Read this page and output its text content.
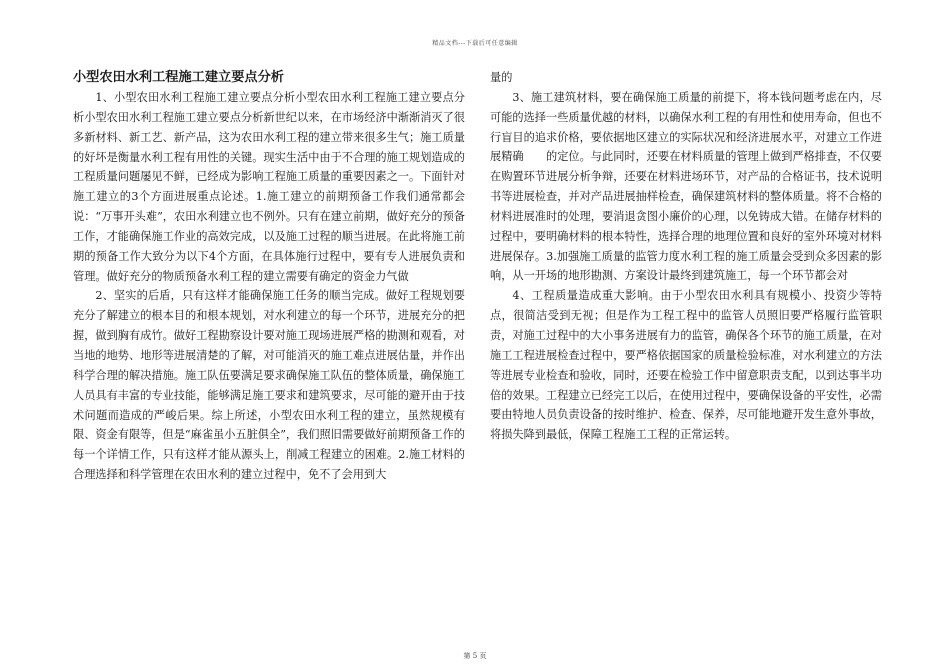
精品文档---下载后可任意编辑
小型农田水利工程施工建立要点分析

1、小型农田水利工程施工建立要点分析小型农田水利工程施工建立要点分析小型农田水利工程施工建立要点分析新世纪以来，在市场经济中渐渐消灭了很多新材料、新工艺、新产品，这为农田水利工程的建立带来很多生气；施工质量的好坏是衡量水利工程有用性的关键。现实生活中由于不合理的施工规划造成的工程质量问题屡见不鲜，已经成为影响工程施工质量的重要因素之一。下面针对施工建立的3个方面进展重点论述。1.施工建立的前期预备工作我们通常都会说：“万事开头难”，农田水利建立也不例外。只有在建立前期，做好充分的预备工作，才能确保施工作业的高效完成，以及施工过程的顺当进展。在此将施工前期的预备工作大致分为以下4个方面，在具体施行过程中，要有专人进展负责和管理。做好充分的物质预备水利工程的建立需要有确定的资金力气做

2、坚实的后盾，只有这样才能确保施工任务的顺当完成。做好工程规划要充分了解建立的根本目的和根本规划，对水利建立的每一个环节，进展充分的把握，做到胸有成竹。做好工程勘察设计要对施工现场进展严格的勘测和观看，对当地的地势、地形等进展清楚的了解，对可能消灭的施工难点进展估量，并作出科学合理的解决措施。施工队伍要满足要求确保施工队伍的整体质量，确保施工人员具有丰富的专业技能，能够满足施工要求和建筑要求，尽可能的避开由于技术问题而造成的严峻后果。综上所述，小型农田水利工程的建立，虽然规模有限、资金有限等，但是“麻雀虽小五脏俱全”，我们照旧需要做好前期预备工作的每一个详情工作，只有这样才能从源头上，削减工程建立的困难。2.施工材料的合理选择和科学管理在农田水利的建立过程中，免不了会用到大

量的

3、施工建筑材料，要在确保施工质量的前提下，将本钱问题考虑在内，尽可能的选择一些质量优越的材料，以确保水利工程的有用性和使用寿命，但也不行盲目的追求价格，要依据地区建立的实际状况和经济进展水平，对建立工作进展精确　　的定位。与此同时，还要在材料质量的管理上做到严格排查，不仅要在购置环节进展分析争辩，还要在材料进场环节，对产品的合格证书，技术说明书等进展检查，并对产品进展抽样检查，确保建筑材料的整体质量。将不合格的材料进展准时的处理，要消退贪图小廉价的心理，以免铸成大错。在储存材料的过程中，要明确材料的根本特性，选择合理的地理位置和良好的室外环境对材料进展保存。3.加强施工质量的监管力度水利工程的施工质量会受到众多因素的影响，从一开场的地形勘测、方案设计最终到建筑施工，每一个环节都会对

4、工程质量造成重大影响。由于小型农田水利具有规模小、投资少等特点，很简洁受到无视；但是作为工程工程中的监管人员照旧要严格履行监管职责，对施工过程中的大小事务进展有力的监管，确保各个环节的施工质量，在对施工工程进展检查过程中，要严格依据国家的质量检验标准，对水利建立的方法等进展专业检查和验收，同时，还要在检验工作中留意职责支配，以到达事半功倍的效果。工程建立已经完工以后，在使用过程中，要确保设备的平安性，必需要由特地人员负责设备的按时维护、检查、保养，尽可能地避开发生意外事故，将损失降到最低，保障工程施工工程的正常运转。

第 5 页
